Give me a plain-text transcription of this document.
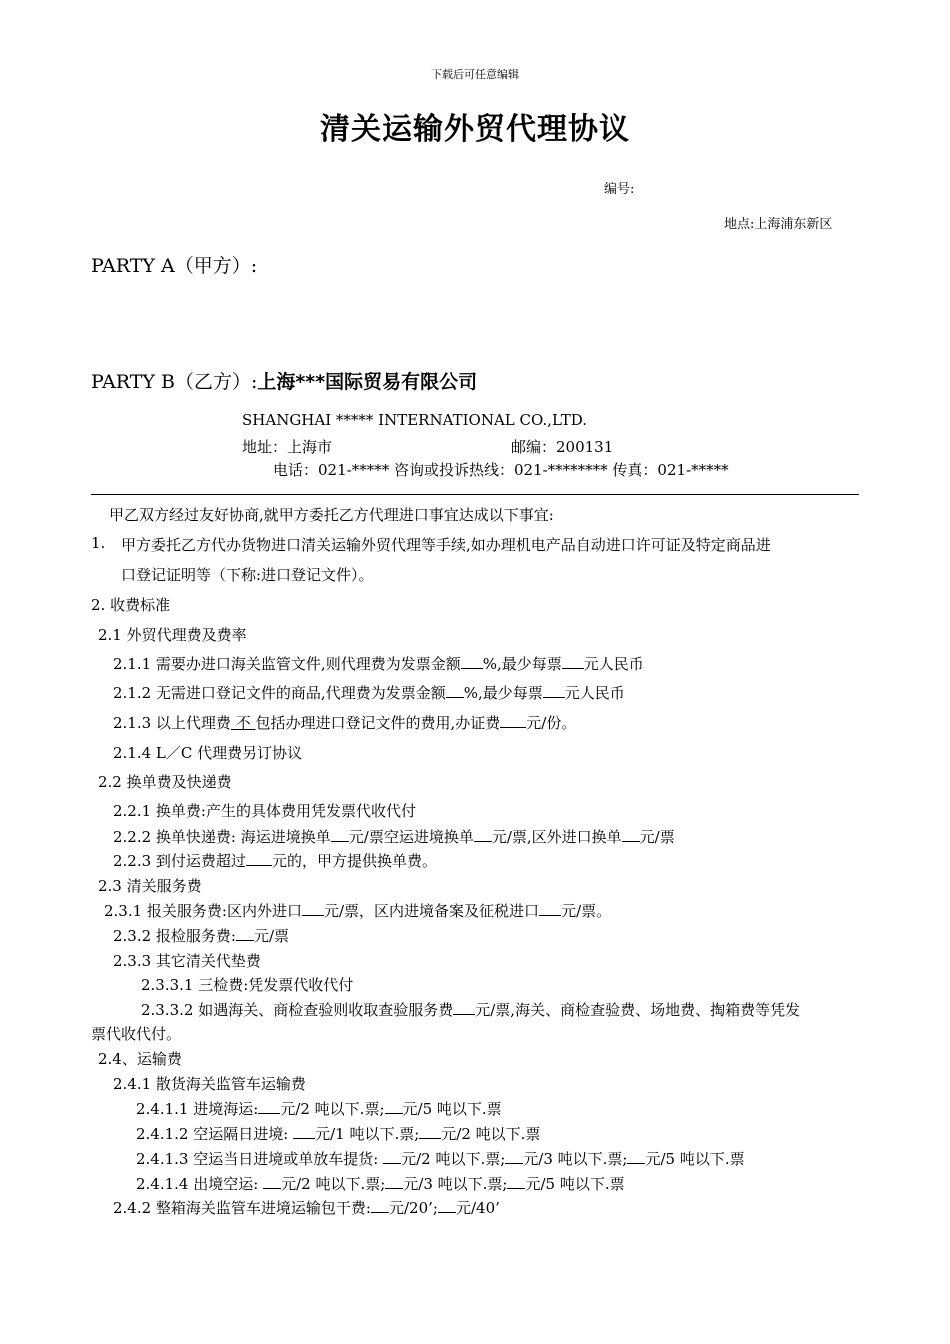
下载后可任意编辑
清关运输外贸代理协议
编号:
地点:上海浦东新区
PARTY A（甲方）:
PARTY B（乙方）:上海***国际贸易有限公司
SHANGHAI ***** INTERNATIONAL CO.,LTD.
地址：上海市	邮编：200131
电话：021-***** 咨询或投诉热线：021-******** 传真：021-*****
甲乙双方经过友好协商,就甲方委托乙方代理进口事宜达成以下事宜:
1. 甲方委托乙方代办货物进口清关运输外贸代理等手续,如办理机电产品自动进口许可证及特定商品进
口登记证明等（下称:进口登记文件）。
2. 收费标准
2.1 外贸代理费及费率
2.1.1 需要办进口海关监管文件,则代理费为发票金额 %,最少每票 元人民币
2.1.2 无需进口登记文件的商品,代理费为发票金额 %,最少每票 元人民币
2.1.3 以上代理费 不 包括办理进口登记文件的费用,办证费 元/份。
2.1.4 L／C 代理费另订协议
2.2 换单费及快递费
2.2.1 换单费:产生的具体费用凭发票代收代付
2.2.2 换单快递费: 海运进境换单 元/票空运进境换单 元/票,区外进口换单 元/票
2.2.3 到付运费超过 元的，甲方提供换单费。
2.3 清关服务费
2.3.1 报关服务费:区内外进口 元/票，区内进境备案及征税进口 元/票。
2.3.2 报检服务费: 元/票
2.3.3 其它清关代垫费
2.3.3.1 三检费:凭发票代收代付
2.3.3.2 如遇海关、商检查验则收取查验服务费 元/票,海关、商检查验费、场地费、掏箱费等凭发
票代收代付。
2.4、运输费
2.4.1 散货海关监管车运输费
2.4.1.1 进境海运: 元/2 吨以下.票; 元/5 吨以下.票
2.4.1.2 空运隔日进境: 元/1 吨以下.票; 元/2 吨以下.票
2.4.1.3 空运当日进境或单放车提货: 元/2 吨以下.票; 元/3 吨以下.票; 元/5 吨以下.票
2.4.1.4 出境空运: 元/2 吨以下.票; 元/3 吨以下.票; 元/5 吨以下.票
2.4.2 整箱海关监管车进境运输包干费: 元/20’; 元/40’
